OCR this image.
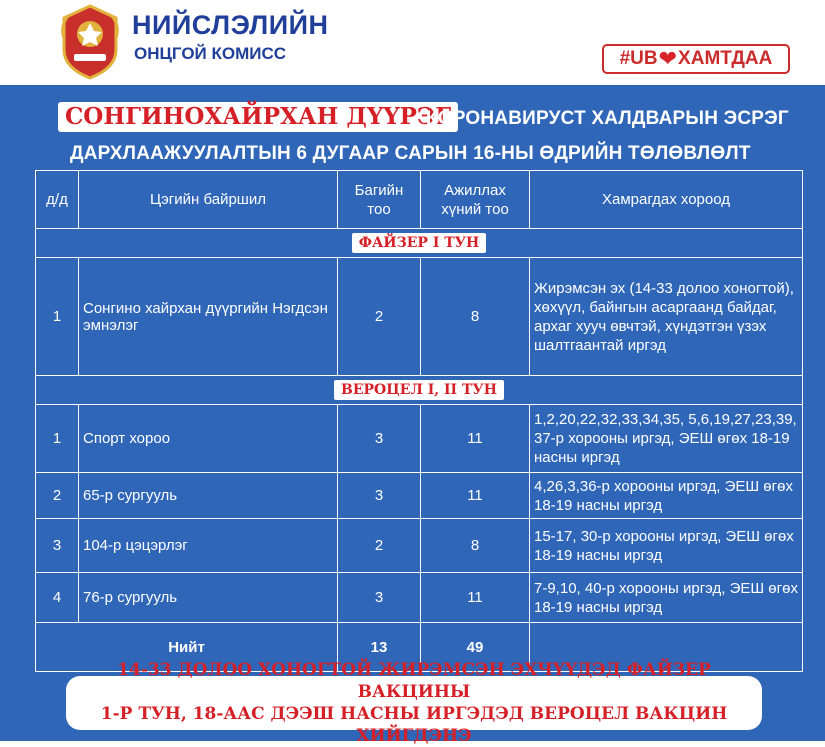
НИЙСЛЭЛИЙН
ОНЦГОЙ КОМИСС	#UB ❤ ХАМТДАА
СОНГИНОХАЙРХАН ДҮҮРЭГ
КОРОНАВИРУСТ ХАЛДВАРЫН ЭСРЭГ
ДАРХЛААЖУУЛАЛТЫН 6 ДУГААР САРЫН 16-НЫ ӨДРИЙН ТӨЛӨВЛӨЛТ
д/д	Цэгийн байршил	Багийн тоо	Ажиллах хүний тоо	Хамрагдах хороод
ФАЙЗЕР I ТУН				
1	Сонгино хайрхан дүүргийн Нэгдсэн эмнэлэг	2	8	Жирэмсэн эх (14-33 долоо хоногтой), хөхүүл, байнгын асаргаанд байдаг, архаг хууч өвчтэй, хүндэтгэн үзэх шалтгаантай иргэд
ВЕРОЦЕЛ I, II ТУН				
1	Спорт хороо	3	11	1,2,20,22,32,33,34,35, 5,6,19,27,23,39, 37-р хорооны иргэд, ЭЕШ өгөх 18-19 насны иргэд
2	65-р сургууль	3	11	4,26,3,36-р хорооны иргэд, ЭЕШ өгөх 18-19 насны иргэд
3	104-р цэцэрлэг	2	8	15-17, 30-р хорооны иргэд, ЭЕШ өгөх 18-19 насны иргэд
4	76-р сургууль	3	11	7-9,10, 40-р хорооны иргэд, ЭЕШ өгөх 18-19 насны иргэд
Нийт		13	49	
14-33 ДОЛОО ХОНОГТОЙ ЖИРЭМСЭН ЭХЧҮҮДЭД ФАЙЗЕР ВАКЦИНЫ
1-Р ТУН, 18-ААС ДЭЭШ НАСНЫ ИРГЭДЭД ВЕРОЦЕЛ ВАКЦИН ХИЙГДЭНЭ
